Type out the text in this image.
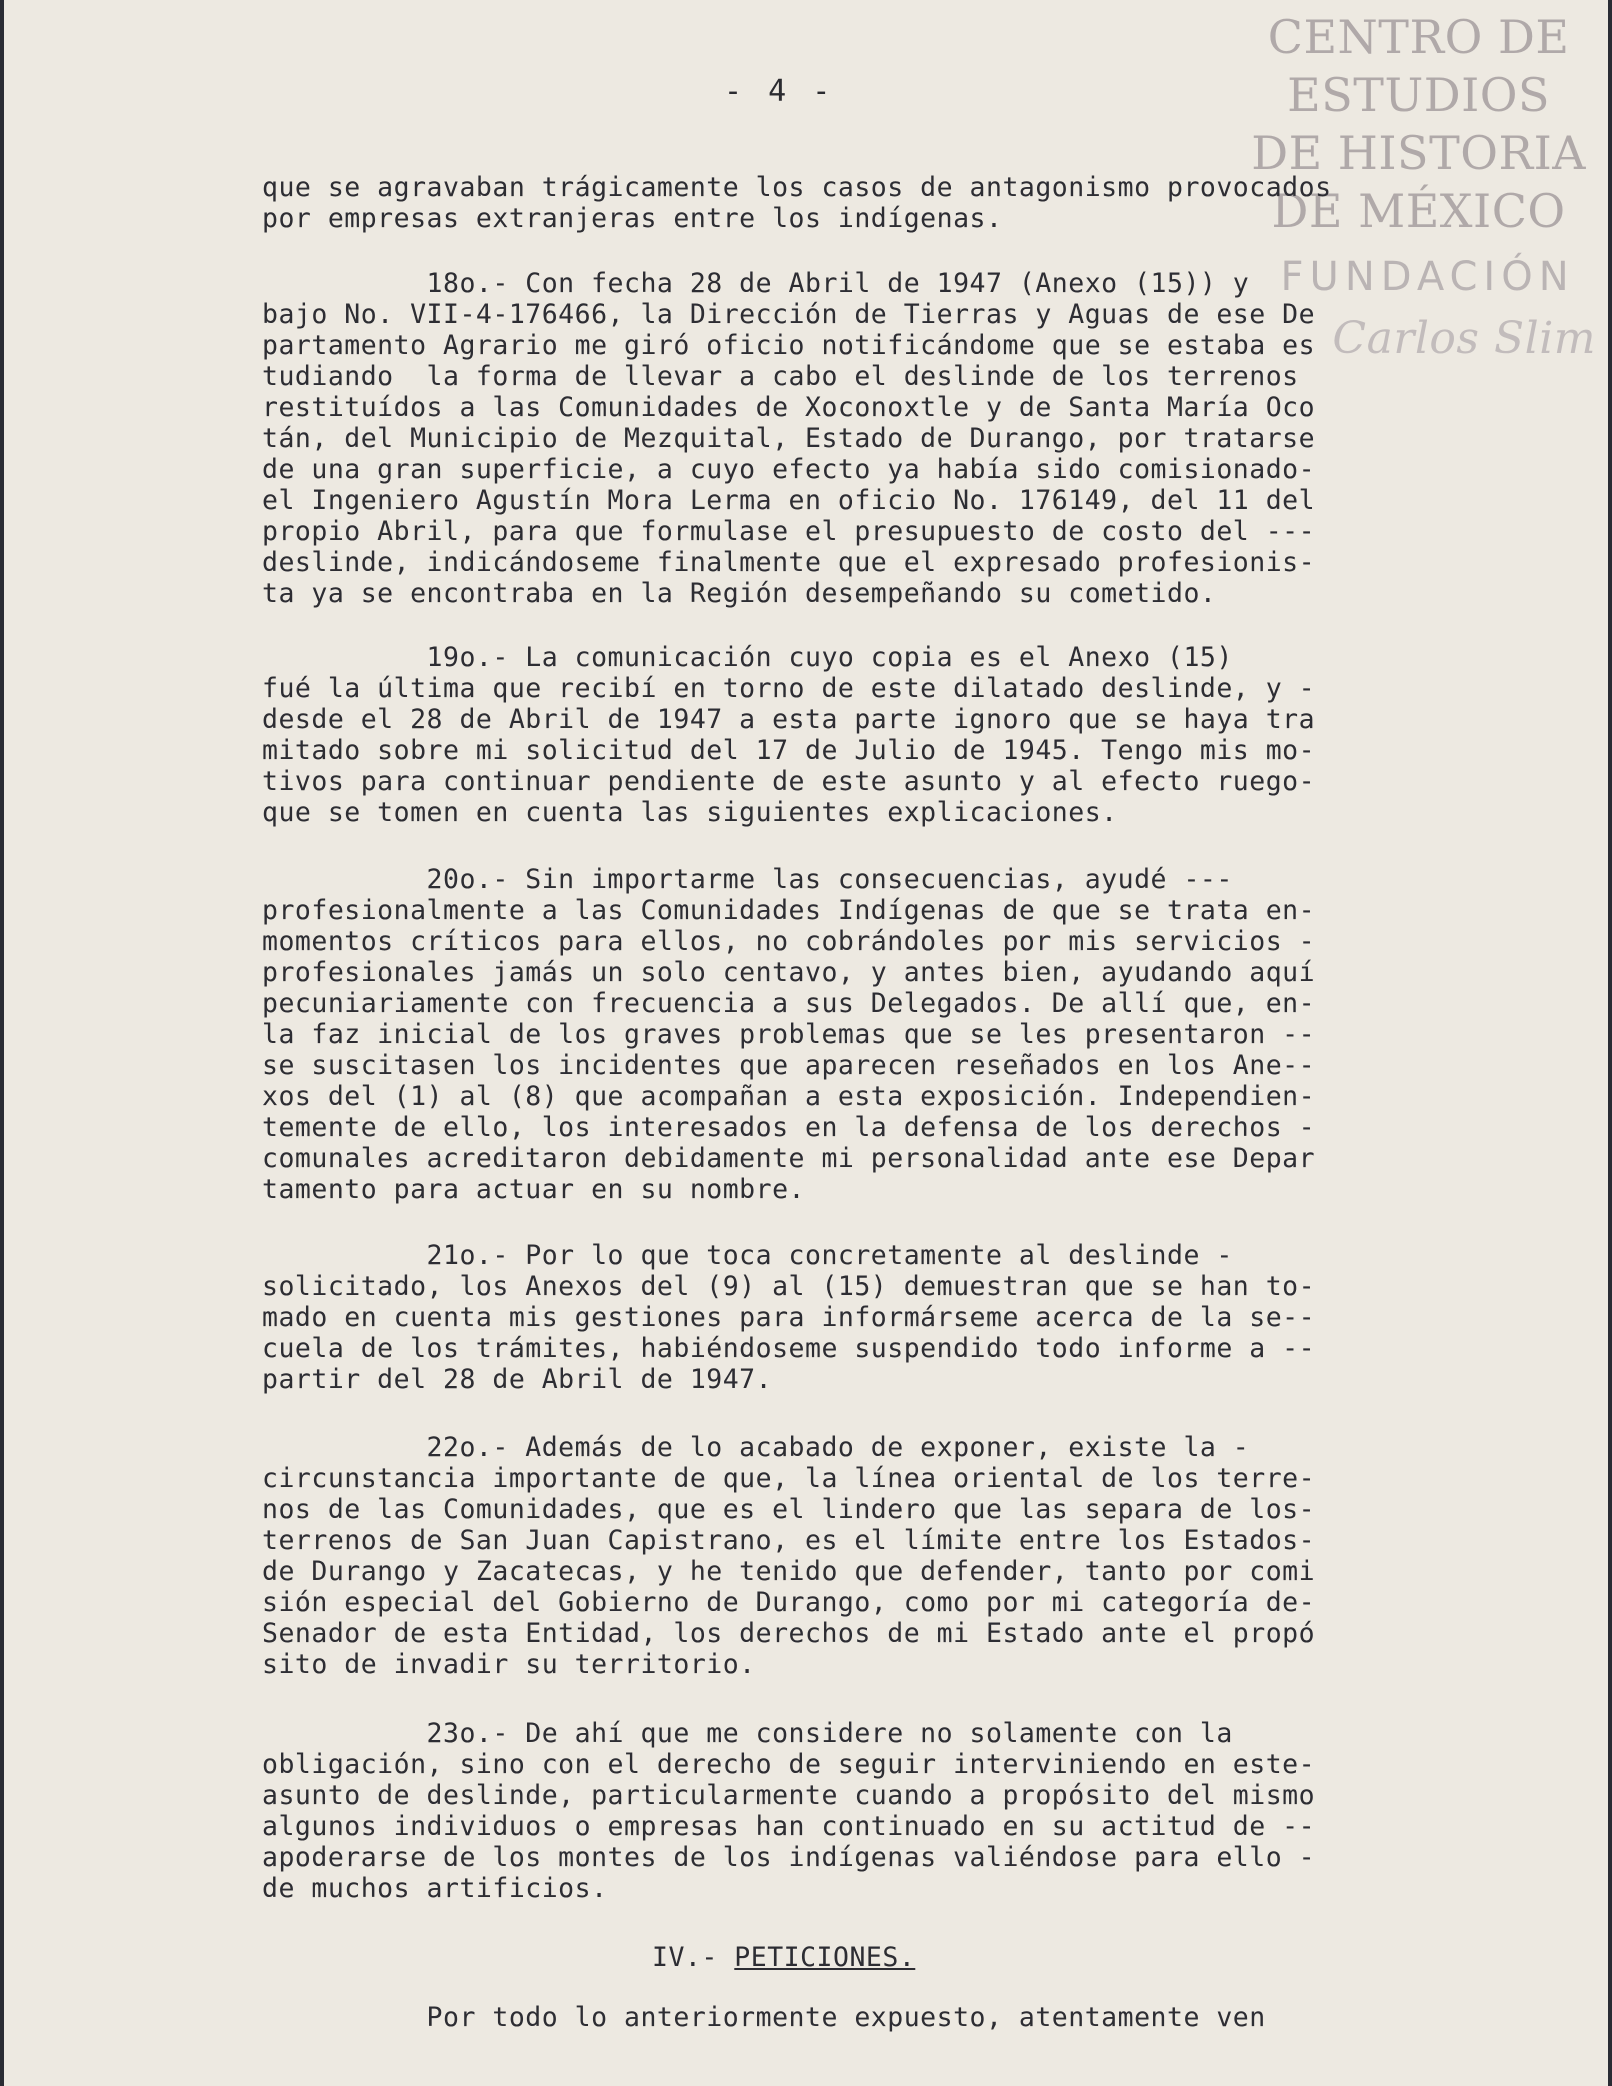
CENTRO DE
ESTUDIOS
DE HISTORIA
DE MÉXICO
FUNDACIÓN
Carlos Slim
- 4 -

que se agravaban trágicamente los casos de antagonismo provocados

por empresas extranjeras entre los indígenas.

18o.- Con fecha 28 de Abril de 1947 (Anexo (15)) y

bajo No. VII-4-176466, la Dirección de Tierras y Aguas de ese De

partamento Agrario me giró oficio notificándome que se estaba es

tudiando  la forma de llevar a cabo el deslinde de los terrenos

restituídos a las Comunidades de Xoconoxtle y de Santa María Oco

tán, del Municipio de Mezquital, Estado de Durango, por tratarse

de una gran superficie, a cuyo efecto ya había sido comisionado-

el Ingeniero Agustín Mora Lerma en oficio No. 176149, del 11 del

propio Abril, para que formulase el presupuesto de costo del ---

deslinde, indicándoseme finalmente que el expresado profesionis-

ta ya se encontraba en la Región desempeñando su cometido.

19o.- La comunicación cuyo copia es el Anexo (15)

fué la última que recibí en torno de este dilatado deslinde, y -

desde el 28 de Abril de 1947 a esta parte ignoro que se haya tra

mitado sobre mi solicitud del 17 de Julio de 1945. Tengo mis mo-

tivos para continuar pendiente de este asunto y al efecto ruego-

que se tomen en cuenta las siguientes explicaciones.

20o.- Sin importarme las consecuencias, ayudé ---

profesionalmente a las Comunidades Indígenas de que se trata en-

momentos críticos para ellos, no cobrándoles por mis servicios -

profesionales jamás un solo centavo, y antes bien, ayudando aquí

pecuniariamente con frecuencia a sus Delegados. De allí que, en-

la faz inicial de los graves problemas que se les presentaron --

se suscitasen los incidentes que aparecen reseñados en los Ane--

xos del (1) al (8) que acompañan a esta exposición. Independien-

temente de ello, los interesados en la defensa de los derechos -

comunales acreditaron debidamente mi personalidad ante ese Depar

tamento para actuar en su nombre.

21o.- Por lo que toca concretamente al deslinde -

solicitado, los Anexos del (9) al (15) demuestran que se han to-

mado en cuenta mis gestiones para informárseme acerca de la se--

cuela de los trámites, habiéndoseme suspendido todo informe a --

partir del 28 de Abril de 1947.

22o.- Además de lo acabado de exponer, existe la -

circunstancia importante de que, la línea oriental de los terre-

nos de las Comunidades, que es el lindero que las separa de los-

terrenos de San Juan Capistrano, es el límite entre los Estados-

de Durango y Zacatecas, y he tenido que defender, tanto por comi

sión especial del Gobierno de Durango, como por mi categoría de-

Senador de esta Entidad, los derechos de mi Estado ante el propó

sito de invadir su territorio.

23o.- De ahí que me considere no solamente con la

obligación, sino con el derecho de seguir interviniendo en este-

asunto de deslinde, particularmente cuando a propósito del mismo

algunos individuos o empresas han continuado en su actitud de --

apoderarse de los montes de los indígenas valiéndose para ello -

de muchos artificios.

IV.- PETICIONES.

Por todo lo anteriormente expuesto, atentamente ven
